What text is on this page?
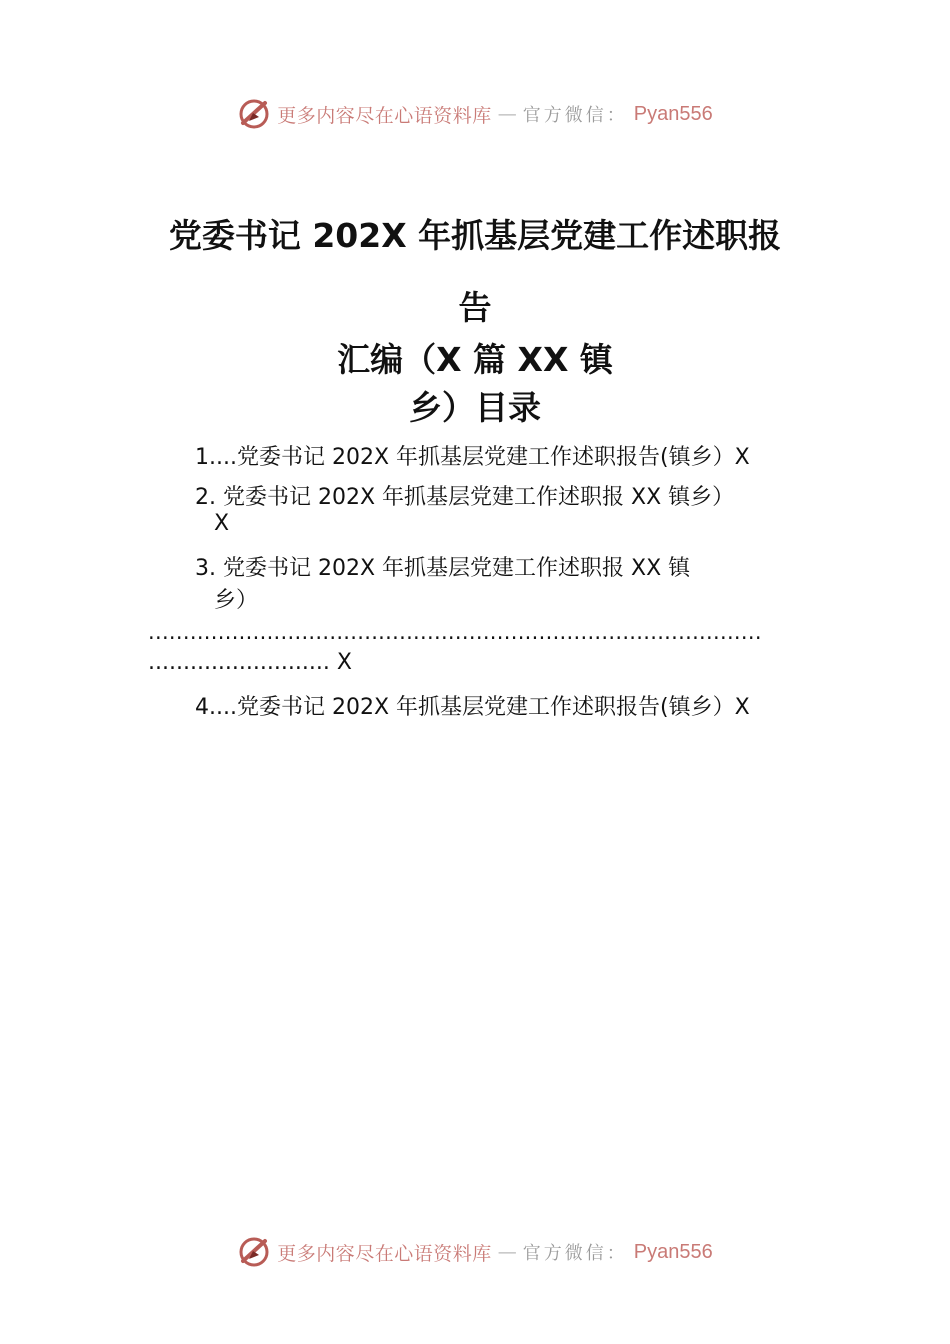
更多内容尽在心语资料库 — 官方微信： Pyan556
党委书记 202X 年抓基层党建工作述职报
告
汇编（X 篇 XX 镇
乡）目录
1....党委书记 202X 年抓基层党建工作述职报告(镇乡）X
2. 党委书记 202X 年抓基层党建工作述职报 XX 镇乡）
X
3. 党委书记 202X 年抓基层党建工作述职报 XX 镇
乡）
........................................................................................
.......................... X
4....党委书记 202X 年抓基层党建工作述职报告(镇乡）X
更多内容尽在心语资料库 — 官方微信： Pyan556
